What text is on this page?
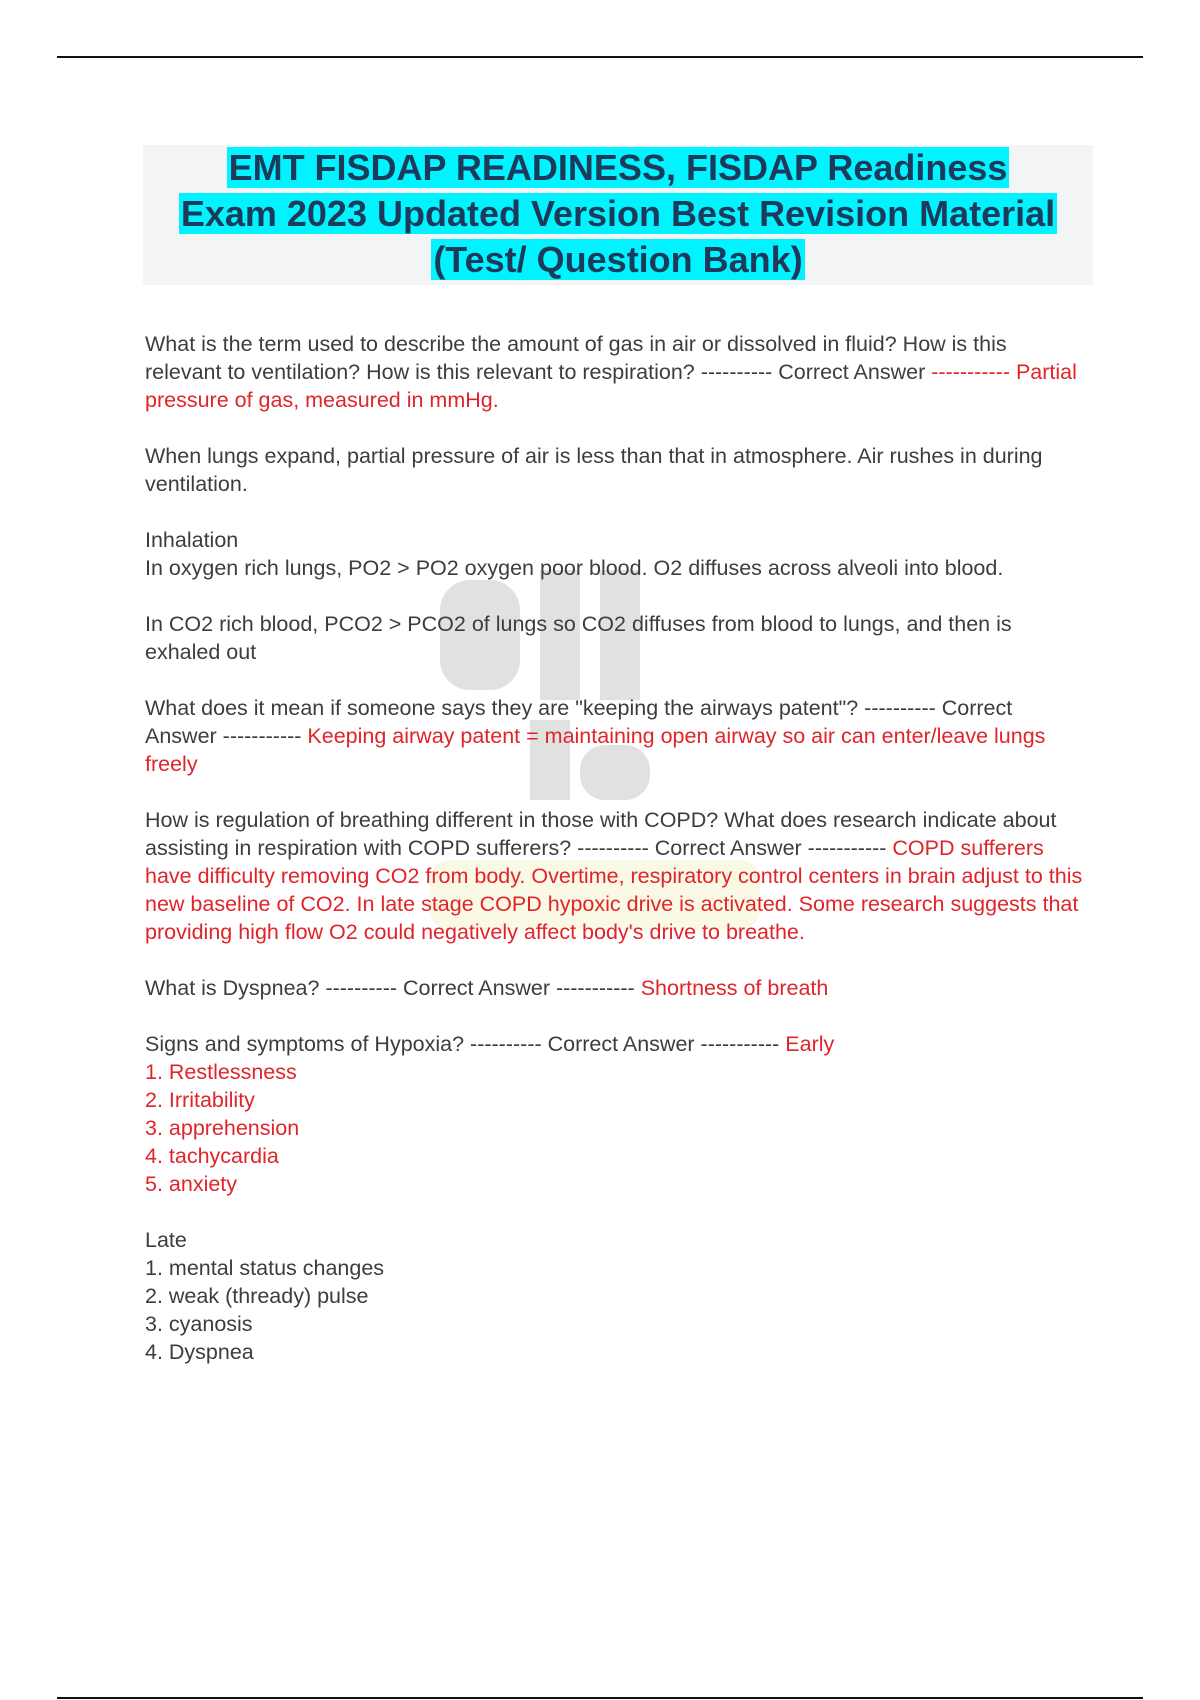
EMT FISDAP READINESS, FISDAP Readiness Exam 2023 Updated Version Best Revision Material (Test/ Question Bank)

What is the term used to describe the amount of gas in air or dissolved in fluid? How is this relevant to ventilation? How is this relevant to respiration? ---------- Correct Answer ----------- Partial pressure of gas, measured in mmHg.

When lungs expand, partial pressure of air is less than that in atmosphere. Air rushes in during ventilation.

Inhalation
In oxygen rich lungs, PO2 > PO2 oxygen poor blood. O2 diffuses across alveoli into blood.

In CO2 rich blood, PCO2 > PCO2 of lungs so CO2 diffuses from blood to lungs, and then is exhaled out

What does it mean if someone says they are "keeping the airways patent"? ---------- Correct Answer ----------- Keeping airway patent = maintaining open airway so air can enter/leave lungs freely

How is regulation of breathing different in those with COPD? What does research indicate about assisting in respiration with COPD sufferers? ---------- Correct Answer ----------- COPD sufferers have difficulty removing CO2 from body. Overtime, respiratory control centers in brain adjust to this new baseline of CO2. In late stage COPD hypoxic drive is activated. Some research suggests that providing high flow O2 could negatively affect body's drive to breathe.

What is Dyspnea? ---------- Correct Answer ----------- Shortness of breath

Signs and symptoms of Hypoxia? ---------- Correct Answer ----------- Early
1. Restlessness
2. Irritability
3. apprehension
4. tachycardia
5. anxiety

Late
1. mental status changes
2. weak (thready) pulse
3. cyanosis
4. Dyspnea
